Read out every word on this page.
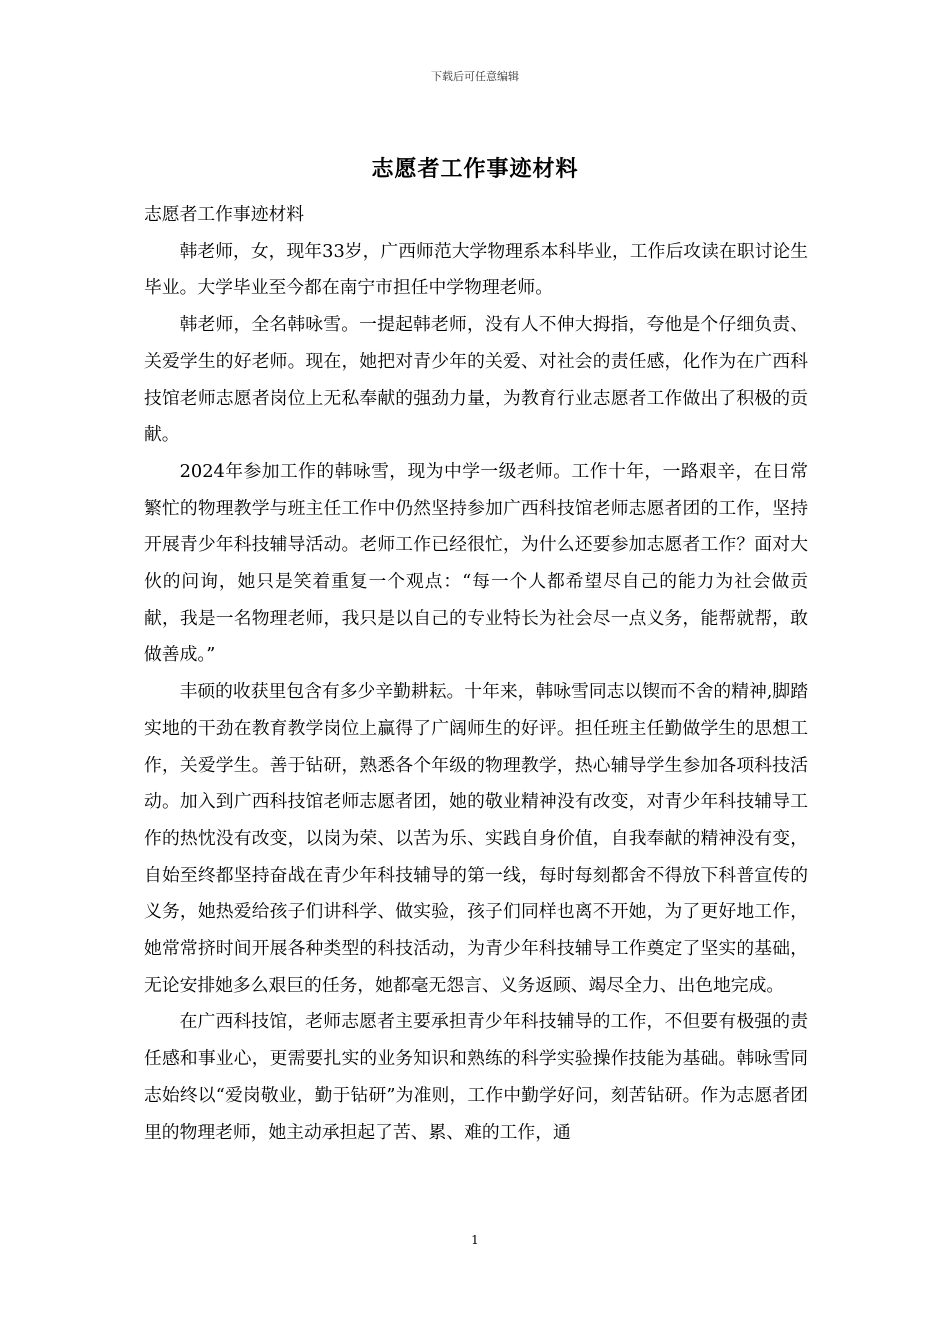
下载后可任意编辑
志愿者工作事迹材料

志愿者工作事迹材料

韩老师，女，现年33岁，广西师范大学物理系本科毕业，工作后攻读在职讨论生毕业。大学毕业至今都在南宁市担任中学物理老师。

韩老师，全名韩咏雪。一提起韩老师，没有人不伸大拇指，夸他是个仔细负责、关爱学生的好老师。现在，她把对青少年的关爱、对社会的责任感，化作为在广西科技馆老师志愿者岗位上无私奉献的强劲力量，为教育行业志愿者工作做出了积极的贡献。

2024年参加工作的韩咏雪，现为中学一级老师。工作十年，一路艰辛，在日常繁忙的物理教学与班主任工作中仍然坚持参加广西科技馆老师志愿者团的工作，坚持开展青少年科技辅导活动。老师工作已经很忙，为什么还要参加志愿者工作？面对大伙的问询，她只是笑着重复一个观点：“每一个人都希望尽自己的能力为社会做贡献，我是一名物理老师，我只是以自己的专业特长为社会尽一点义务，能帮就帮，敢做善成。”

丰硕的收获里包含有多少辛勤耕耘。十年来，韩咏雪同志以锲而不舍的精神,脚踏实地的干劲在教育教学岗位上赢得了广阔师生的好评。担任班主任勤做学生的思想工作，关爱学生。善于钻研，熟悉各个年级的物理教学，热心辅导学生参加各项科技活动。加入到广西科技馆老师志愿者团，她的敬业精神没有改变，对青少年科技辅导工作的热忱没有改变，以岗为荣、以苦为乐、实践自身价值，自我奉献的精神没有变，自始至终都坚持奋战在青少年科技辅导的第一线，每时每刻都舍不得放下科普宣传的义务，她热爱给孩子们讲科学、做实验，孩子们同样也离不开她，为了更好地工作，她常常挤时间开展各种类型的科技活动，为青少年科技辅导工作奠定了坚实的基础，无论安排她多么艰巨的任务，她都毫无怨言、义务返顾、竭尽全力、出色地完成。

在广西科技馆，老师志愿者主要承担青少年科技辅导的工作，不但要有极强的责任感和事业心，更需要扎实的业务知识和熟练的科学实验操作技能为基础。韩咏雪同志始终以“爱岗敬业，勤于钻研”为准则，工作中勤学好问，刻苦钻研。作为志愿者团里的物理老师，她主动承担起了苦、累、难的工作，通

1
